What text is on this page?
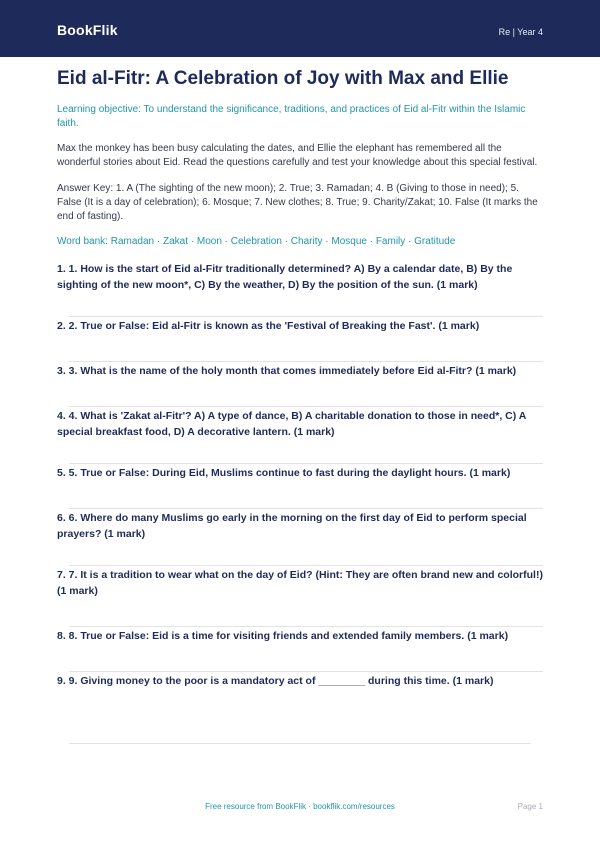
BookFlik	Re | Year 4
Eid al-Fitr: A Celebration of Joy with Max and Ellie
Learning objective: To understand the significance, traditions, and practices of Eid al-Fitr within the Islamic faith.
Max the monkey has been busy calculating the dates, and Ellie the elephant has remembered all the wonderful stories about Eid. Read the questions carefully and test your knowledge about this special festival.
Answer Key: 1. A (The sighting of the new moon); 2. True; 3. Ramadan; 4. B (Giving to those in need); 5. False (It is a day of celebration); 6. Mosque; 7. New clothes; 8. True; 9. Charity/Zakat; 10. False (It marks the end of fasting).
Word bank: Ramadan · Zakat · Moon · Celebration · Charity · Mosque · Family · Gratitude
1. 1. How is the start of Eid al-Fitr traditionally determined? A) By a calendar date, B) By the sighting of the new moon*, C) By the weather, D) By the position of the sun. (1 mark)
2. 2. True or False: Eid al-Fitr is known as the 'Festival of Breaking the Fast'. (1 mark)
3. 3. What is the name of the holy month that comes immediately before Eid al-Fitr? (1 mark)
4. 4. What is 'Zakat al-Fitr'? A) A type of dance, B) A charitable donation to those in need*, C) A special breakfast food, D) A decorative lantern. (1 mark)
5. 5. True or False: During Eid, Muslims continue to fast during the daylight hours. (1 mark)
6. 6. Where do many Muslims go early in the morning on the first day of Eid to perform special prayers? (1 mark)
7. 7. It is a tradition to wear what on the day of Eid? (Hint: They are often brand new and colorful!) (1 mark)
8. 8. True or False: Eid is a time for visiting friends and extended family members. (1 mark)
9. 9. Giving money to the poor is a mandatory act of ________ during this time. (1 mark)
Free resource from BookFlik · bookflik.com/resources	Page 1
